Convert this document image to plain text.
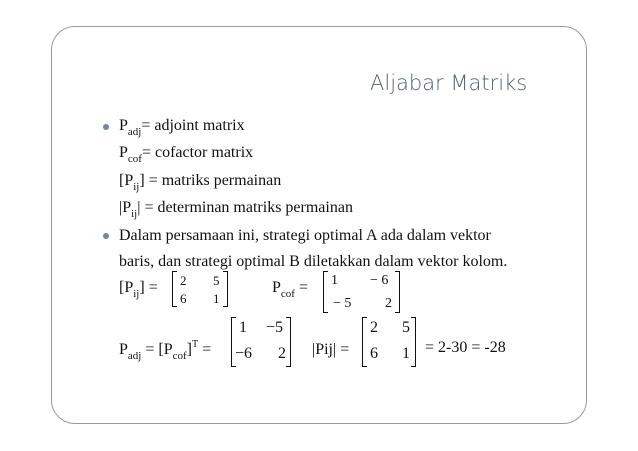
Aljabar Matriks
$P_{adj}=$ adjoint matrix
$P_{cof}=$ cofactor matrix
$[P_{ij}]$ = matriks permainan
$|P_{ij}|$ = determinan matriks permainan
Dalam persamaan ini, strategi optimal A ada dalam vektor
baris, dan strategi optimal B diletakkan dalam vektor kolom.
$[P_{ij}] = 2$ 5
6 1
$P_{cof} = 1 - 6$
− 5 2
$P_{adj} = [P_{cof}]^T$ =
1 −5
−6 2 |Pij| =
2 5
6 1 = 2-30 = -28
